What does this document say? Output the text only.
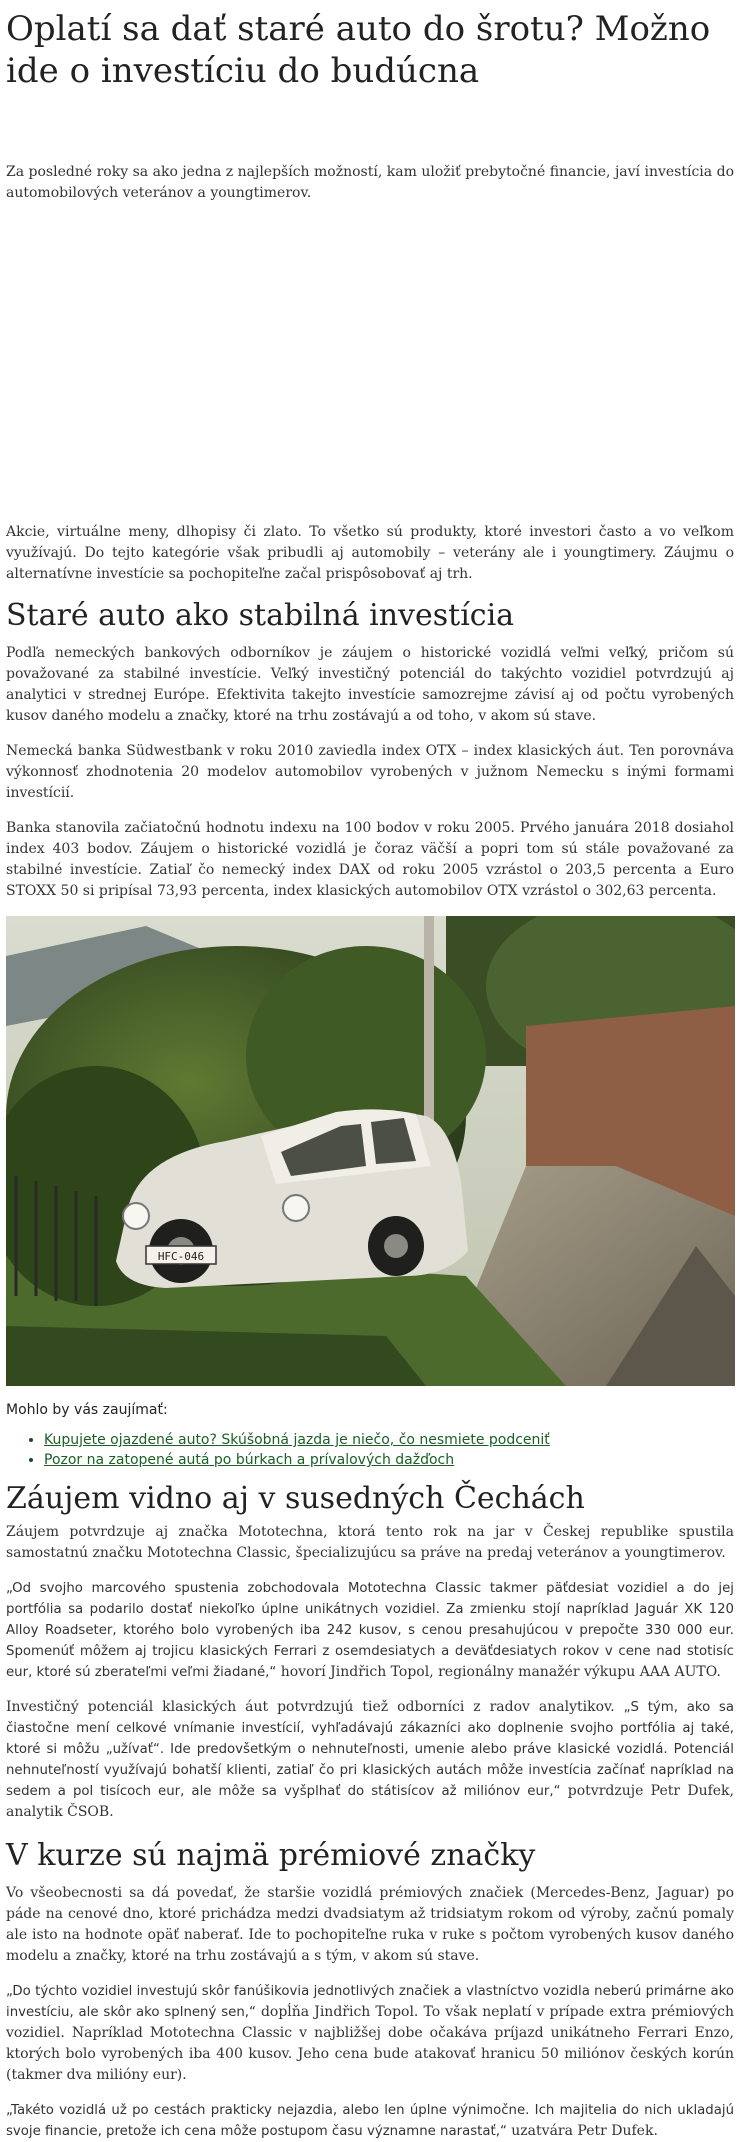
Oplatí sa dať staré auto do šrotu? Možno ide o investíciu do budúcna

Za posledné roky sa ako jedna z najlepších možností, kam uložiť prebytočné financie, javí investícia do automobilových veteránov a youngtimerov.

Akcie, virtuálne meny, dlhopisy či zlato. To všetko sú produkty, ktoré investori často a vo veľkom využívajú. Do tejto kategórie však pribudli aj automobily – veterány ale i youngtimery. Záujmu o alternatívne investície sa pochopiteľne začal prispôsobovať aj trh.

Staré auto ako stabilná investícia

Podľa nemeckých bankových odborníkov je záujem o historické vozidlá veľmi veľký, pričom sú považované za stabilné investície. Veľký investičný potenciál do takýchto vozidiel potvrdzujú aj analytici v strednej Európe. Efektivita takejto investície samozrejme závisí aj od počtu vyrobených kusov daného modelu a značky, ktoré na trhu zostávajú a od toho, v akom sú stave.

Nemecká banka Südwestbank v roku 2010 zaviedla index OTX – index klasických áut. Ten porovnáva výkonnosť zhodnotenia 20 modelov automobilov vyrobených v južnom Nemecku s inými formami investícií.

Banka stanovila začiatočnú hodnotu indexu na 100 bodov v roku 2005. Prvého januára 2018 dosiahol index 403 bodov. Záujem o historické vozidlá je čoraz väčší a popri tom sú stále považované za stabilné investície. Zatiaľ čo nemecký index DAX od roku 2005 vzrástol o 203,5 percenta a Euro STOXX 50 si pripísal 73,93 percenta, index klasických automobilov OTX vzrástol o 302,63 percenta.

HFC-046
Mohlo by vás zaujímať:
• Kupujete ojazdené auto? Skúšobná jazda je niečo, čo nesmiete podceniť
• Pozor na zatopené autá po búrkach a prívalových dažďoch
Záujem vidno aj v susedných Čechách

Záujem potvrdzuje aj značka Mototechna, ktorá tento rok na jar v Českej republike spustila samostatnú značku Mototechna Classic, špecializujúcu sa práve na predaj veteránov a youngtimerov.

„Od svojho marcového spustenia zobchodovala Mototechna Classic takmer päťdesiat vozidiel a do jej portfólia sa podarilo dostať niekoľko úplne unikátnych vozidiel. Za zmienku stojí napríklad Jaguár XK 120 Alloy Roadseter, ktorého bolo vyrobených iba 242 kusov, s cenou presahujúcou v prepočte 330 000 eur. Spomenúť môžem aj trojicu klasických Ferrari z osemdesiatych a deväťdesiatych rokov v cene nad stotisíc eur, ktoré sú zberateľmi veľmi žiadané,“ hovorí Jindřich Topol, regionálny manažér výkupu AAA AUTO.

Investičný potenciál klasických áut potvrdzujú tiež odborníci z radov analytikov. „S tým, ako sa čiastočne mení celkové vnímanie investícií, vyhľadávajú zákazníci ako doplnenie svojho portfólia aj také, ktoré si môžu „užívať“. Ide predovšetkým o nehnuteľnosti, umenie alebo práve klasické vozidlá. Potenciál nehnuteľností využívajú bohatší klienti, zatiaľ čo pri klasických autách môže investícia začínať napríklad na sedem a pol tisícoch eur, ale môže sa vyšplhať do státisícov až miliónov eur,“ potvrdzuje Petr Dufek, analytik ČSOB.

V kurze sú najmä prémiové značky

Vo všeobecnosti sa dá povedať, že staršie vozidlá prémiových značiek (Mercedes-Benz, Jaguar) po páde na cenové dno, ktoré prichádza medzi dvadsiatym až tridsiatym rokom od výroby, začnú pomaly ale isto na hodnote opäť naberať. Ide to pochopiteľne ruka v ruke s počtom vyrobených kusov daného modelu a značky, ktoré na trhu zostávajú a s tým, v akom sú stave.

„Do týchto vozidiel investujú skôr fanúšikovia jednotlivých značiek a vlastníctvo vozidla neberú primárne ako investíciu, ale skôr ako splnený sen,“ dopĺňa Jindřich Topol. To však neplatí v prípade extra prémiových vozidiel. Napríklad Mototechna Classic v najbližšej dobe očakáva príjazd unikátneho Ferrari Enzo, ktorých bolo vyrobených iba 400 kusov. Jeho cena bude atakovať hranicu 50 miliónov českých korún (takmer dva milióny eur).

„Takéto vozidlá už po cestách prakticky nejazdia, alebo len úplne výnimočne. Ich majitelia do nich ukladajú svoje financie, pretože ich cena môže postupom času významne narastať,“ uzatvára Petr Dufek.
